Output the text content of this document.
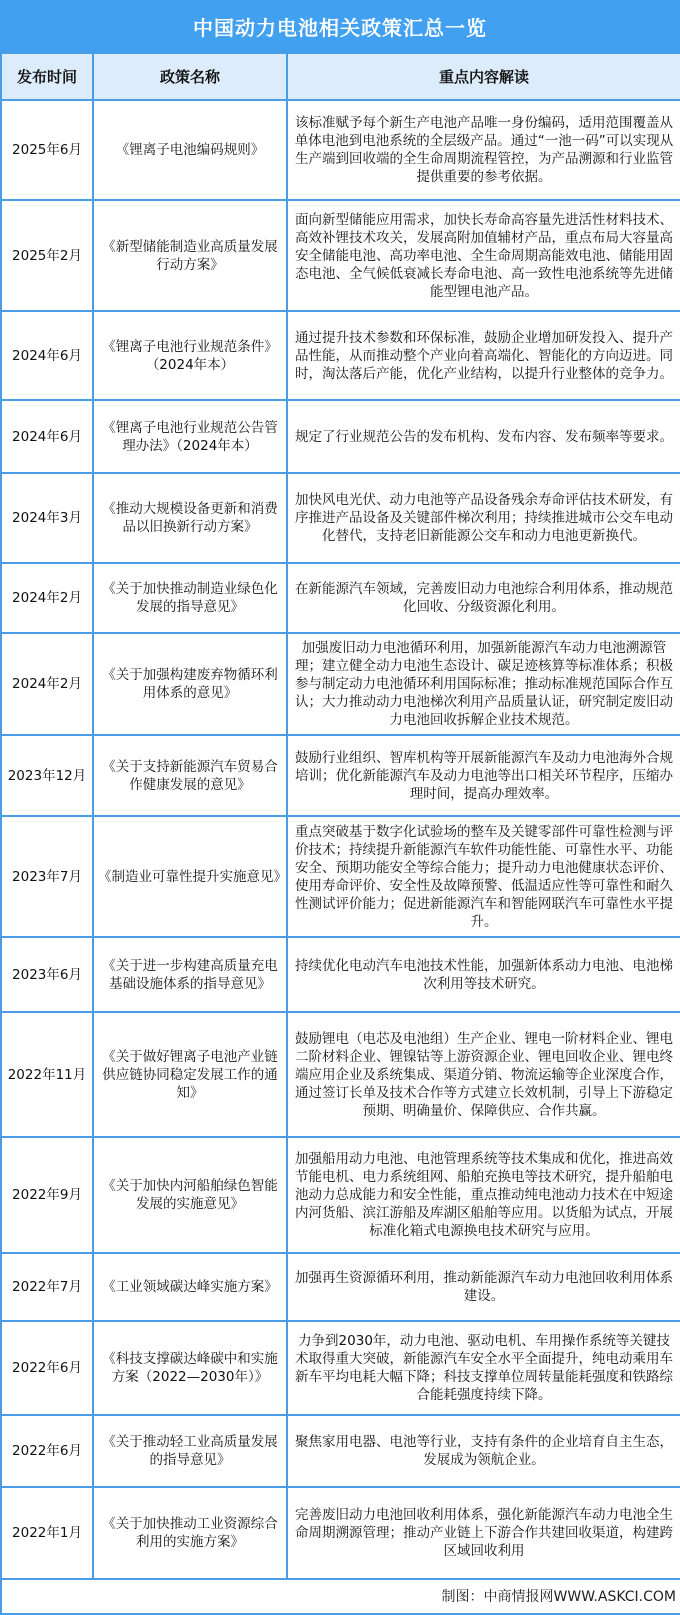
中国动力电池相关政策汇总一览
发布时间	政策名称	重点内容解读
2025年6月	《锂离子电池编码规则》	该标准赋予每个新生产电池产品唯一身份编码，适用范围覆盖从单体电池到电池系统的全层级产品。通过“一池一码”可以实现从生产端到回收端的全生命周期流程管控，为产品溯源和行业监管提供重要的参考依据。
2025年2月	《新型储能制造业高质量发展行动方案》	面向新型储能应用需求，加快长寿命高容量先进活性材料技术、高效补锂技术攻关，发展高附加值辅材产品，重点布局大容量高安全储能电池、高功率电池、全生命周期高能效电池、储能用固态电池、全气候低衰减长寿命电池、高一致性电池系统等先进储能型锂电池产品。
2024年6月	《锂离子电池行业规范条件》（2024年本）	通过提升技术参数和环保标准，鼓励企业增加研发投入、提升产品性能，从而推动整个产业向着高端化、智能化的方向迈进。同时，淘汰落后产能，优化产业结构，以提升行业整体的竞争力。
2024年6月	《锂离子电池行业规范公告管理办法》（2024年本）	规定了行业规范公告的发布机构、发布内容、发布频率等要求。
2024年3月	《推动大规模设备更新和消费品以旧换新行动方案》	加快风电光伏、动力电池等产品设备残余寿命评估技术研发，有序推进产品设备及关键部件梯次利用；持续推进城市公交车电动化替代，支持老旧新能源公交车和动力电池更新换代。
2024年2月	《关于加快推动制造业绿色化发展的指导意见》	在新能源汽车领域，完善废旧动力电池综合利用体系，推动规范化回收、分级资源化利用。
2024年2月	《关于加强构建废弃物循环利用体系的意见》	加强废旧动力电池循环利用，加强新能源汽车动力电池溯源管理；建立健全动力电池生态设计、碳足迹核算等标准体系；积极参与制定动力电池循环利用国际标准；推动标准规范国际合作互认；大力推动动力电池梯次利用产品质量认证，研究制定废旧动力电池回收拆解企业技术规范。
2023年12月	《关于支持新能源汽车贸易合作健康发展的意见》	鼓励行业组织、智库机构等开展新能源汽车及动力电池海外合规培训；优化新能源汽车及动力电池等出口相关环节程序，压缩办理时间，提高办理效率。
2023年7月	《制造业可靠性提升实施意见》	重点突破基于数字化试验场的整车及关键零部件可靠性检测与评价技术；持续提升新能源汽车软件功能性能、可靠性水平、功能安全、预期功能安全等综合能力；提升动力电池健康状态评价、使用寿命评价、安全性及故障预警、低温适应性等可靠性和耐久性测试评价能力；促进新能源汽车和智能网联汽车可靠性水平提升。
2023年6月	《关于进一步构建高质量充电基础设施体系的指导意见》	持续优化电动汽车电池技术性能，加强新体系动力电池、电池梯次利用等技术研究。
2022年11月	《关于做好锂离子电池产业链供应链协同稳定发展工作的通知》	鼓励锂电（电芯及电池组）生产企业、锂电一阶材料企业、锂电二阶材料企业、锂镍钴等上游资源企业、锂电回收企业、锂电终端应用企业及系统集成、渠道分销、物流运输等企业深度合作，通过签订长单及技术合作等方式建立长效机制，引导上下游稳定预期、明确量价、保障供应、合作共赢。
2022年9月	《关于加快内河船舶绿色智能发展的实施意见》	加强船用动力电池、电池管理系统等技术集成和优化，推进高效节能电机、电力系统组网、船舶充换电等技术研究，提升船舶电池动力总成能力和安全性能，重点推动纯电池动力技术在中短途内河货船、滨江游船及库湖区船舶等应用。以货船为试点，开展标准化箱式电源换电技术研究与应用。
2022年7月	《工业领域碳达峰实施方案》	加强再生资源循环利用，推动新能源汽车动力电池回收利用体系建设。
2022年6月	《科技支撑碳达峰碳中和实施方案（2022—2030年）》	力争到2030年，动力电池、驱动电机、车用操作系统等关键技术取得重大突破，新能源汽车安全水平全面提升，纯电动乘用车新车平均电耗大幅下降；科技支撑单位周转量能耗强度和铁路综合能耗强度持续下降。
2022年6月	《关于推动轻工业高质量发展的指导意见》	聚焦家用电器、电池等行业，支持有条件的企业培育自主生态，发展成为领航企业。
2022年1月	《关于加快推动工业资源综合利用的实施方案》	完善废旧动力电池回收利用体系，强化新能源汽车动力电池全生命周期溯源管理；推动产业链上下游合作共建回收渠道，构建跨区域回收利用
制图：中商情报网WWW.ASKCI.COM		
